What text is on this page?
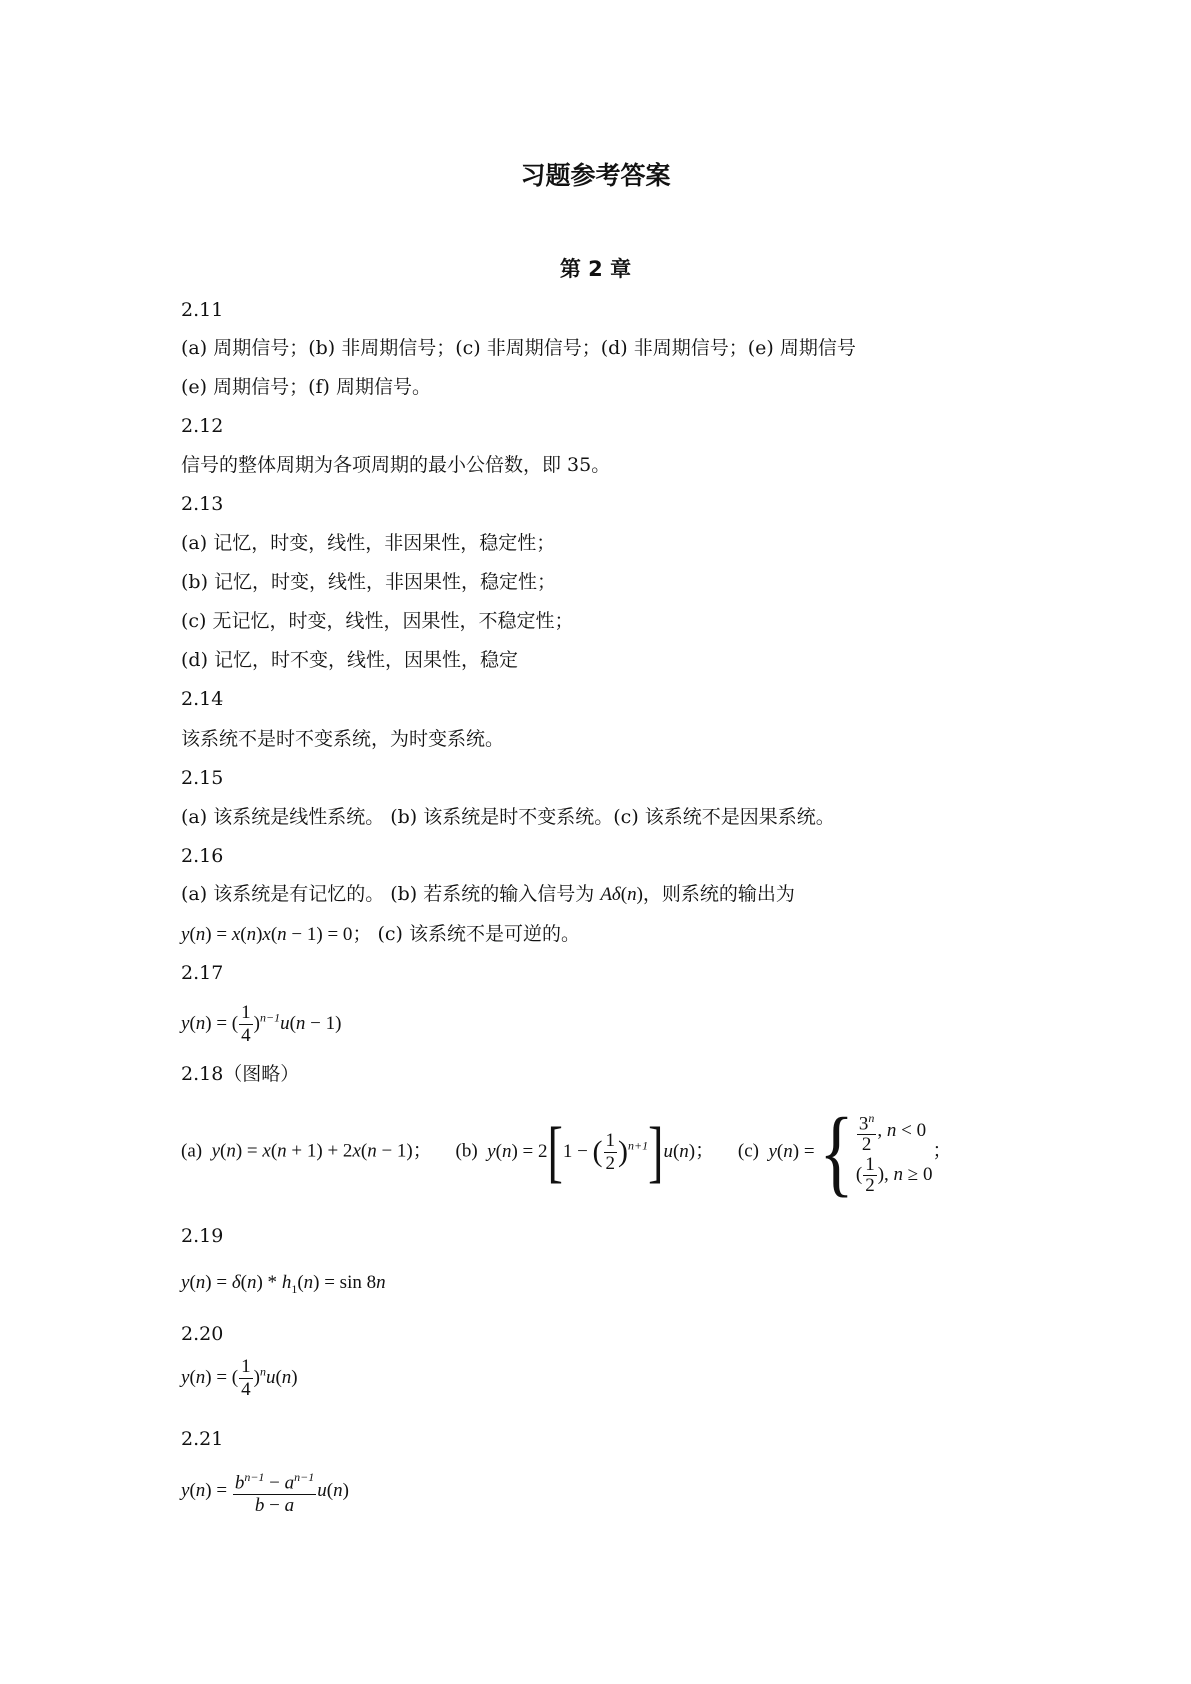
习题参考答案
第 2 章
2.11
(a) 周期信号；(b) 非周期信号；(c) 非周期信号；(d) 非周期信号；(e) 周期信号
(e) 周期信号；(f) 周期信号。
2.12
信号的整体周期为各项周期的最小公倍数，即 35。
2.13
(a) 记忆，时变，线性，非因果性，稳定性；
(b) 记忆，时变，线性，非因果性，稳定性；
(c) 无记忆，时变，线性，因果性，不稳定性；
(d) 记忆，时不变，线性，因果性，稳定
2.14
该系统不是时不变系统，为时变系统。
2.15
(a) 该系统是线性系统。 (b) 该系统是时不变系统。(c) 该系统不是因果系统。
2.16
(a) 该系统是有记忆的。 (b) 若系统的输入信号为 Aδ(n)，则系统的输出为
y(n) = x(n)x(n − 1) = 0； (c) 该系统不是可逆的。
2.17
y(n) = ( $\frac{1}{4} )^{n-1}u(n - 1)$
2.18（图略）
(a) y(n) = x(n + 1) + 2x(n − 1)； (b) y(n) = 2[1 − ( $\frac{1}{2} )^{n+1}]u(n)$； (c) y(n) = { $\frac{3^n}{2}$ , n < 0
( $\frac{1}{2}$ ), n ≥ 0
；
2.19
$y(n) = \delta(n) * h_1(n) = \sin 8n$
2.20
y(n) = ( $\frac{1}{4} )^nu(n)$
2.21
$y(n) = \frac{b^{n-1} - a^{n-1}}{b - a} u(n)$
